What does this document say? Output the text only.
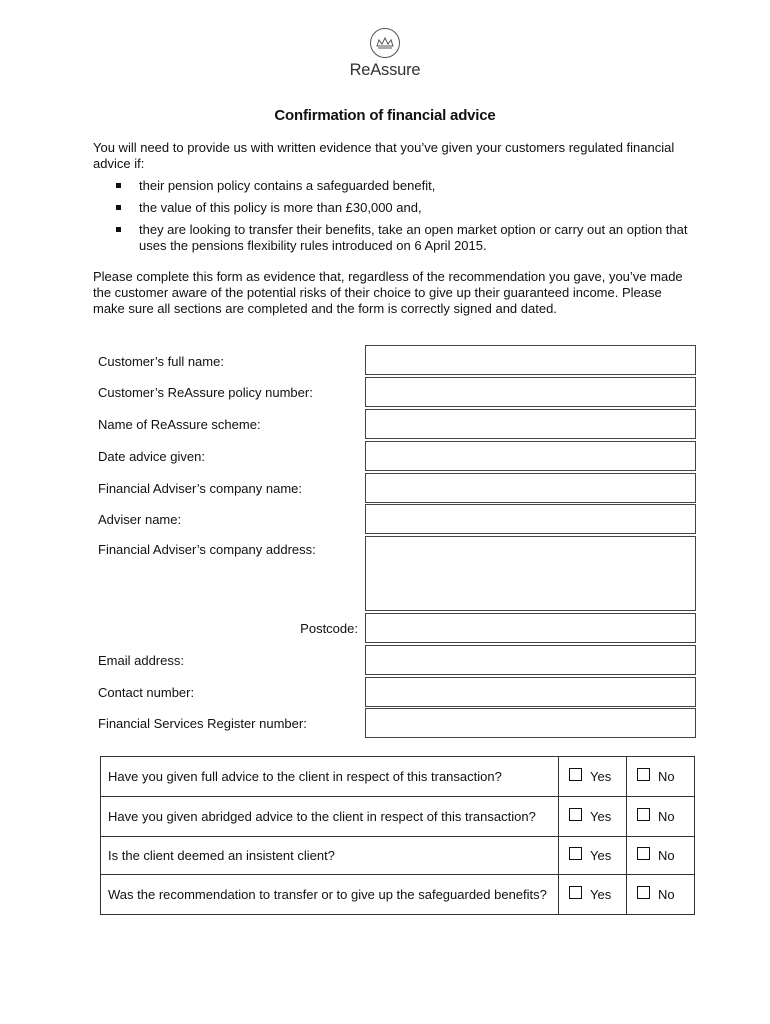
ReAssure
Confirmation of financial advice
You will need to provide us with written evidence that you’ve given your customers regulated financial advice if:
their pension policy contains a safeguarded benefit,
the value of this policy is more than £30,000 and,
they are looking to transfer their benefits, take an open market option or carry out an option that uses the pensions flexibility rules introduced on 6 April 2015.
Please complete this form as evidence that, regardless of the recommendation you gave, you’ve made the customer aware of the potential risks of their choice to give up their guaranteed income. Please make sure all sections are completed and the form is correctly signed and dated.
Customer’s full name:
Customer’s ReAssure policy number:
Name of ReAssure scheme:
Date advice given:
Financial Adviser’s company name:
Adviser name:
Financial Adviser’s company address:
Postcode:
Email address:
Contact number:
Financial Services Register number:
Have you given full advice to the client in respect of this transaction?	Yes	No

Have you given abridged advice to the client in respect of this transaction?	Yes	No

Is the client deemed an insistent client?	Yes	No

Was the recommendation to transfer or to give up the safeguarded benefits?	Yes	No
